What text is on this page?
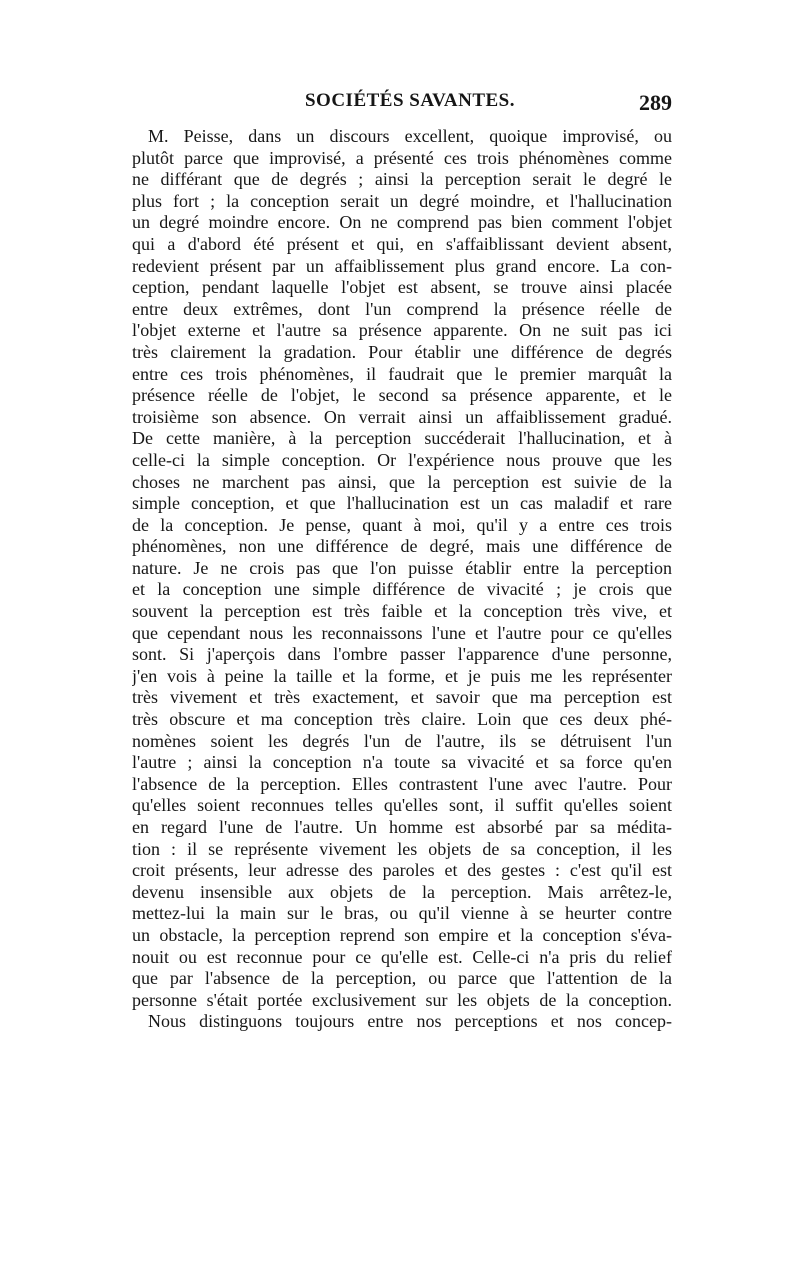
SOCIÉTÉS SAVANTES.	289
M. Peisse, dans un discours excellent, quoique improvisé, ou
plutôt parce que improvisé, a présenté ces trois phénomènes comme
ne différant que de degrés ; ainsi la perception serait le degré le
plus fort ; la conception serait un degré moindre, et l'hallucination
un degré moindre encore. On ne comprend pas bien comment l'objet
qui a d'abord été présent et qui, en s'affaiblissant devient absent,
redevient présent par un affaiblissement plus grand encore. La con-
ception, pendant laquelle l'objet est absent, se trouve ainsi placée
entre deux extrêmes, dont l'un comprend la présence réelle de
l'objet externe et l'autre sa présence apparente. On ne suit pas ici
très clairement la gradation. Pour établir une différence de degrés
entre ces trois phénomènes, il faudrait que le premier marquât la
présence réelle de l'objet, le second sa présence apparente, et le
troisième son absence. On verrait ainsi un affaiblissement gradué.
De cette manière, à la perception succéderait l'hallucination, et à
celle-ci la simple conception. Or l'expérience nous prouve que les
choses ne marchent pas ainsi, que la perception est suivie de la
simple conception, et que l'hallucination est un cas maladif et rare
de la conception. Je pense, quant à moi, qu'il y a entre ces trois
phénomènes, non une différence de degré, mais une différence de
nature. Je ne crois pas que l'on puisse établir entre la perception
et la conception une simple différence de vivacité ; je crois que
souvent la perception est très faible et la conception très vive, et
que cependant nous les reconnaissons l'une et l'autre pour ce qu'elles
sont. Si j'aperçois dans l'ombre passer l'apparence d'une personne,
j'en vois à peine la taille et la forme, et je puis me les représenter
très vivement et très exactement, et savoir que ma perception est
très obscure et ma conception très claire. Loin que ces deux phé-
nomènes soient les degrés l'un de l'autre, ils se détruisent l'un
l'autre ; ainsi la conception n'a toute sa vivacité et sa force qu'en
l'absence de la perception. Elles contrastent l'une avec l'autre. Pour
qu'elles soient reconnues telles qu'elles sont, il suffit qu'elles soient
en regard l'une de l'autre. Un homme est absorbé par sa médita-
tion : il se représente vivement les objets de sa conception, il les
croit présents, leur adresse des paroles et des gestes : c'est qu'il est
devenu insensible aux objets de la perception. Mais arrêtez-le,
mettez-lui la main sur le bras, ou qu'il vienne à se heurter contre
un obstacle, la perception reprend son empire et la conception s'éva-
nouit ou est reconnue pour ce qu'elle est. Celle-ci n'a pris du relief
que par l'absence de la perception, ou parce que l'attention de la
personne s'était portée exclusivement sur les objets de la conception.
Nous distinguons toujours entre nos perceptions et nos concep-
